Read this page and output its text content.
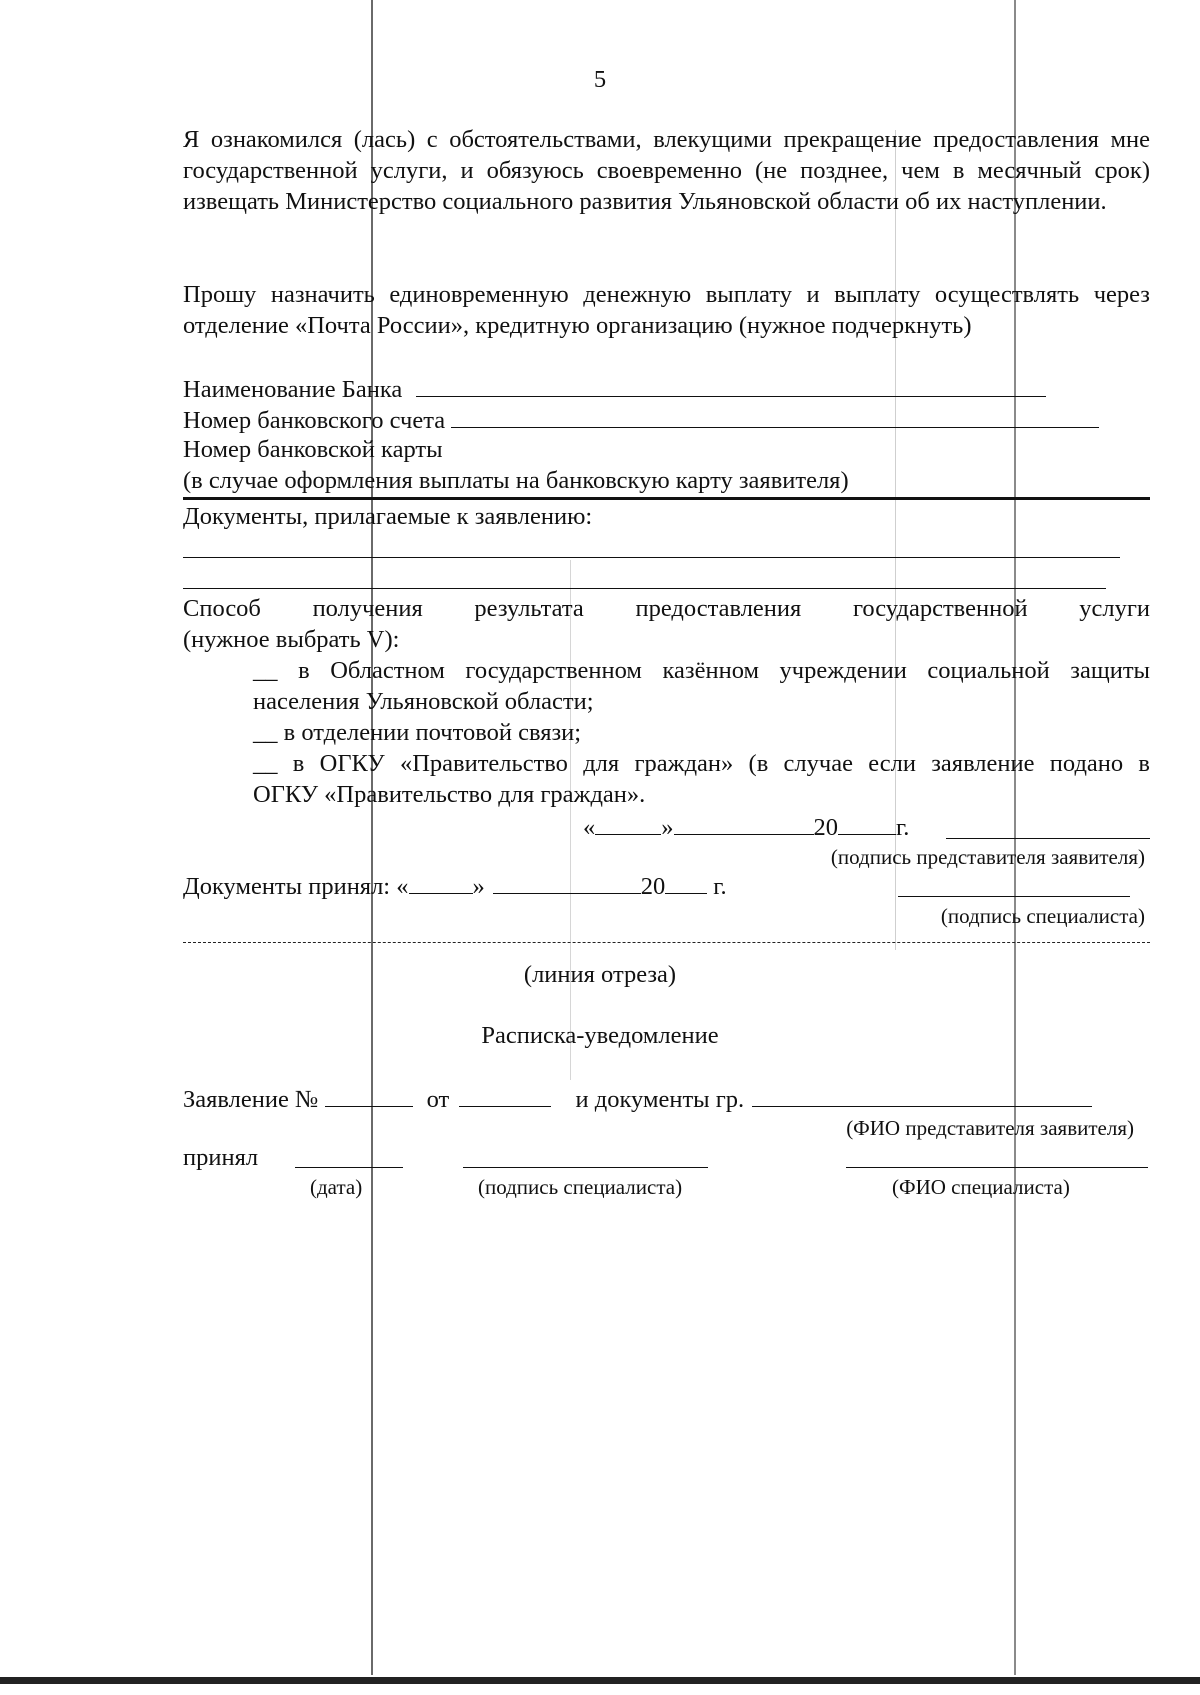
5
Я ознакомился (лась) с обстоятельствами, влекущими прекращение предоставления мне государственной услуги, и обязуюсь своевременно (не позднее, чем в месячный срок) извещать Министерство социального развития Ульяновской области об их наступлении.
Прошу назначить единовременную денежную выплату и выплату осуществлять через отделение «Почта России», кредитную организацию (нужное подчеркнуть)
Наименование Банка
Номер банковского счета
Номер банковской карты
(в случае оформления выплаты на банковскую карту заявителя)
Документы, прилагаемые к заявлению:
Способ получения результата предоставления государственной услуги
(нужное выбрать V):
__ в Областном государственном казённом учреждении социальной защиты
населения Ульяновской области;
__ в отделении почтовой связи;
__ в ОГКУ «Правительство для граждан» (в случае если заявление подано в
ОГКУ «Правительство для граждан».
«	»	20 г.
(подпись представителя заявителя)
Документы принял: «	»	20 г.
(подпись специалиста)
(линия отреза)
Расписка-уведомление
Заявление №	от	и документы гр.
(ФИО представителя заявителя)
принял
(дата)	(подпись специалиста)	(ФИО специалиста)
